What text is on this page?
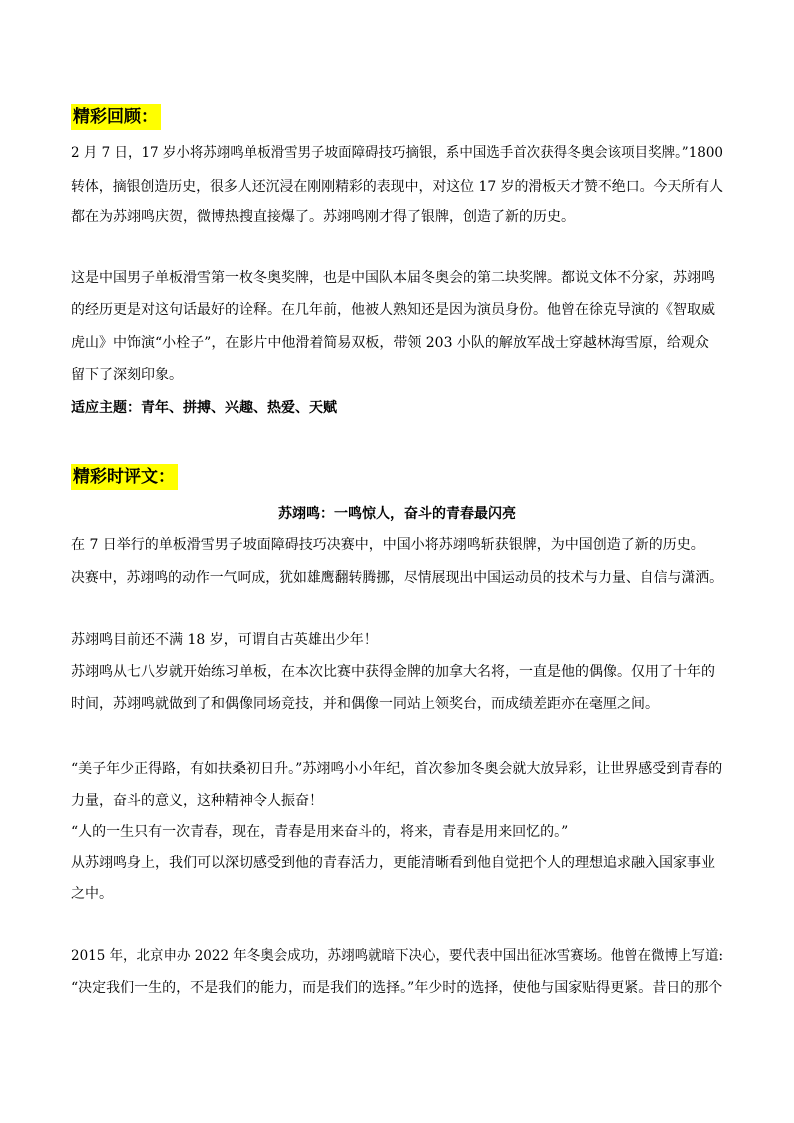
精彩回顾：
2 月 7 日，17 岁小将苏翊鸣单板滑雪男子坡面障碍技巧摘银，系中国选手首次获得冬奥会该项目奖牌。”1800
转体，摘银创造历史，很多人还沉浸在刚刚精彩的表现中，对这位 17 岁的滑板天才赞不绝口。今天所有人
都在为苏翊鸣庆贺，微博热搜直接爆了。苏翊鸣刚才得了银牌，创造了新的历史。
这是中国男子单板滑雪第一枚冬奥奖牌，也是中国队本届冬奥会的第二块奖牌。都说文体不分家，苏翊鸣
的经历更是对这句话最好的诠释。在几年前，他被人熟知还是因为演员身份。他曾在徐克导演的《智取威
虎山》中饰演“小栓子”，在影片中他滑着简易双板，带领 203 小队的解放军战士穿越林海雪原，给观众
留下了深刻印象。
适应主题：青年、拼搏、兴趣、热爱、天赋
精彩时评文：
苏翊鸣：一鸣惊人，奋斗的青春最闪亮
在 7 日举行的单板滑雪男子坡面障碍技巧决赛中，中国小将苏翊鸣斩获银牌，为中国创造了新的历史。
决赛中，苏翊鸣的动作一气呵成，犹如雄鹰翻转腾挪，尽情展现出中国运动员的技术与力量、自信与潇洒。
苏翊鸣目前还不满 18 岁，可谓自古英雄出少年！
苏翊鸣从七八岁就开始练习单板，在本次比赛中获得金牌的加拿大名将，一直是他的偶像。仅用了十年的
时间，苏翊鸣就做到了和偶像同场竞技，并和偶像一同站上领奖台，而成绩差距亦在毫厘之间。
“美子年少正得路，有如扶桑初日升。”苏翊鸣小小年纪，首次参加冬奥会就大放异彩，让世界感受到青春的
力量，奋斗的意义，这种精神令人振奋！
“人的一生只有一次青春，现在，青春是用来奋斗的，将来，青春是用来回忆的。”
从苏翊鸣身上，我们可以深切感受到他的青春活力，更能清晰看到他自觉把个人的理想追求融入国家事业
之中。
2015 年，北京申办 2022 年冬奥会成功，苏翊鸣就暗下决心，要代表中国出征冰雪赛场。他曾在微博上写道:
“决定我们一生的，不是我们的能力，而是我们的选择。”年少时的选择，使他与国家贴得更紧。昔日的那个
